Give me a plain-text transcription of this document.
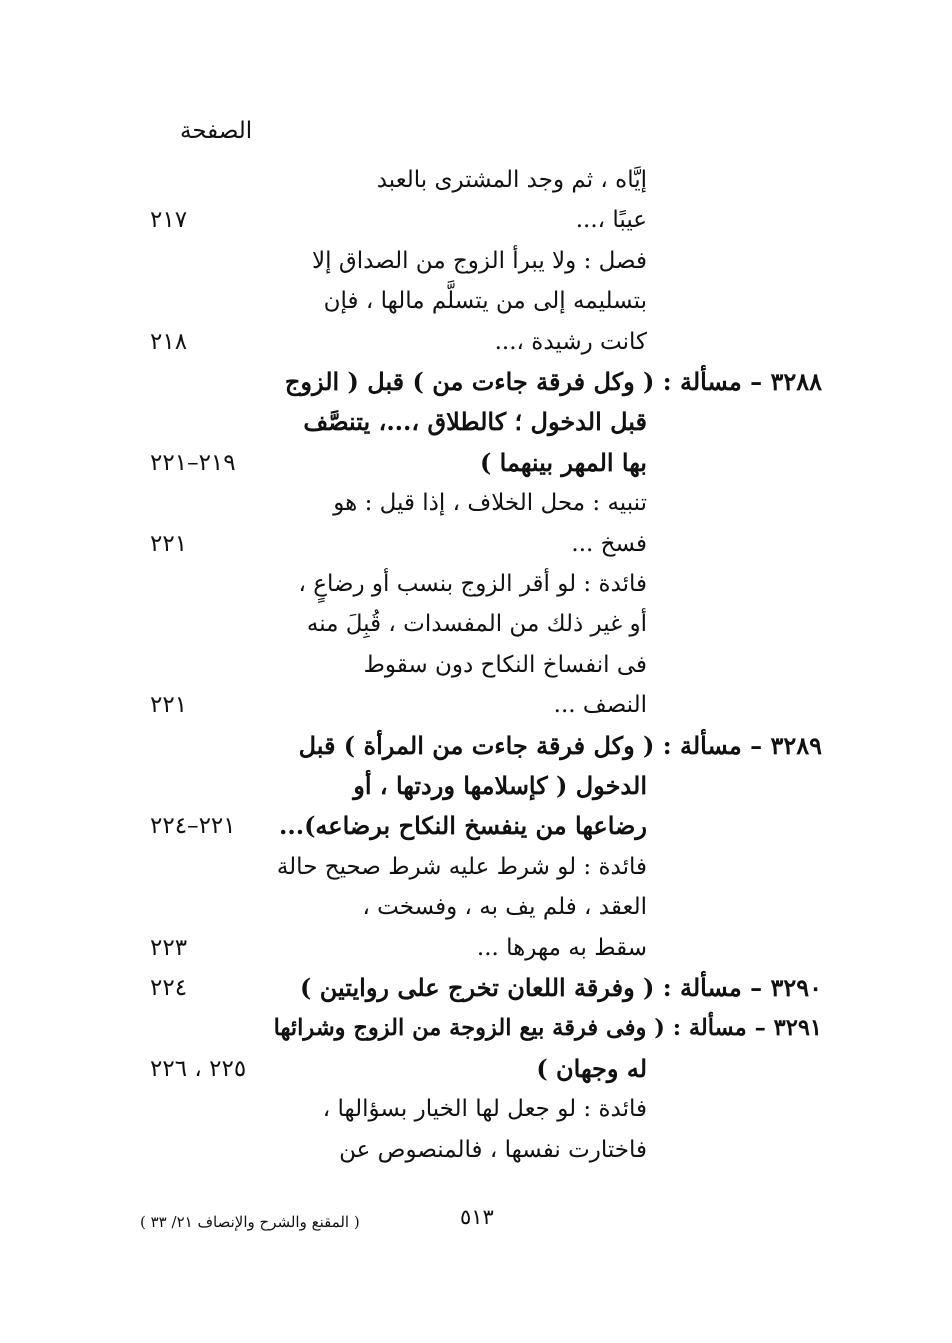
الصفحة
إيَّاه ، ثم وجد المشترى بالعبد
عيبًا ،...
٢١٧
فصل : ولا يبرأ الزوج من الصداق إلا
بتسليمه إلى من يتسلَّم مالها ، فإن
كانت رشيدة ،...
٢١٨
٣٢٨٨ – مسألة : ( وكل فرقة جاءت من ) قبل ( الزوج
قبل الدخول ؛ كالطلاق ،...، يتنصَّف
بها المهر بينهما )
٢١٩–٢٢١
تنبيه : محل الخلاف ، إذا قيل : هو
فسخ ...
٢٢١
فائدة : لو أقر الزوج بنسب أو رضاعٍ ،
أو غير ذلك من المفسدات ، قُبِلَ منه
فى انفساخ النكاح دون سقوط
النصف ...
٢٢١
٣٢٨٩ – مسألة : ( وكل فرقة جاءت من المرأة ) قبل
الدخول ( كإسلامها وردتها ، أو
رضاعها من ينفسخ النكاح برضاعه)...
٢٢١–٢٢٤
فائدة : لو شرط عليه شرط صحيح حالة
العقد ، فلم يف به ، وفسخت ،
سقط به مهرها ...
٢٢٣
٣٢٩٠ – مسألة : ( وفرقة اللعان تخرج على روايتين )
٢٢٤
٣٢٩١ – مسألة : ( وفى فرقة بيع الزوجة من الزوج وشرائها
له وجهان )
٢٢٥ ، ٢٢٦
فائدة : لو جعل لها الخيار بسؤالها ،
فاختارت نفسها ، فالمنصوص عن
٥١٣
( المقنع والشرح والإنصاف ٢١/ ٣٣ )
